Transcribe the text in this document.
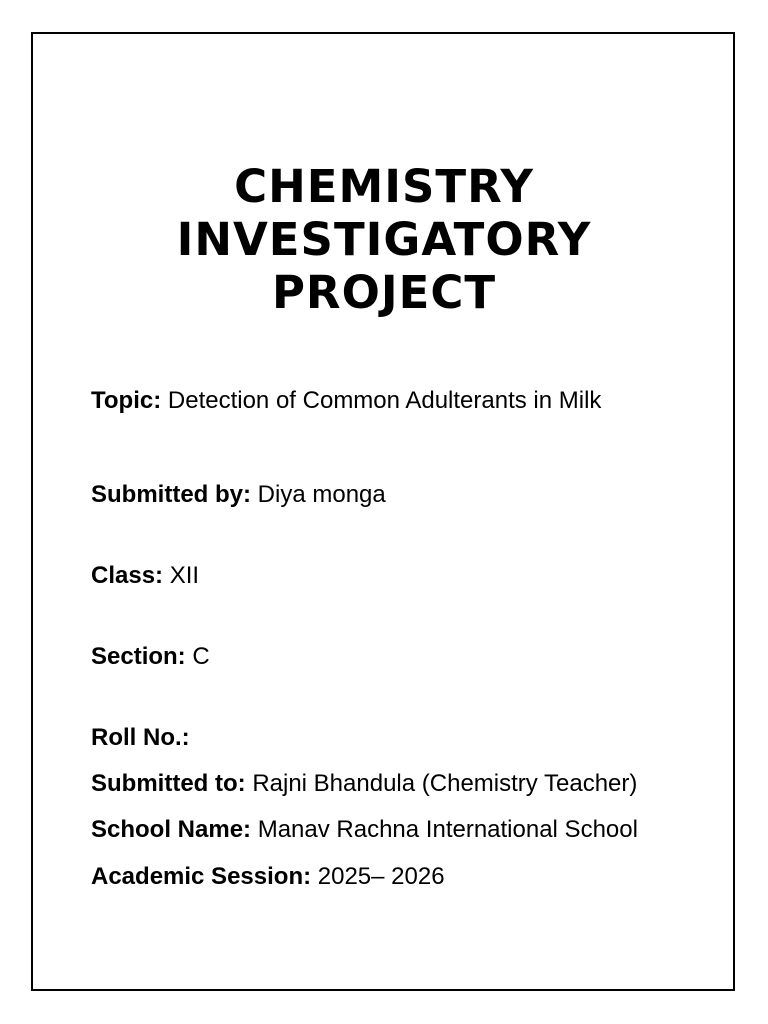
CHEMISTRY
INVESTIGATORY
PROJECT
Topic: Detection of Common Adulterants in Milk
Submitted by: Diya monga
Class: XII
Section: C
Roll No.:
Submitted to: Rajni Bhandula (Chemistry Teacher)
School Name: Manav Rachna International School
Academic Session: 2025– 2026
